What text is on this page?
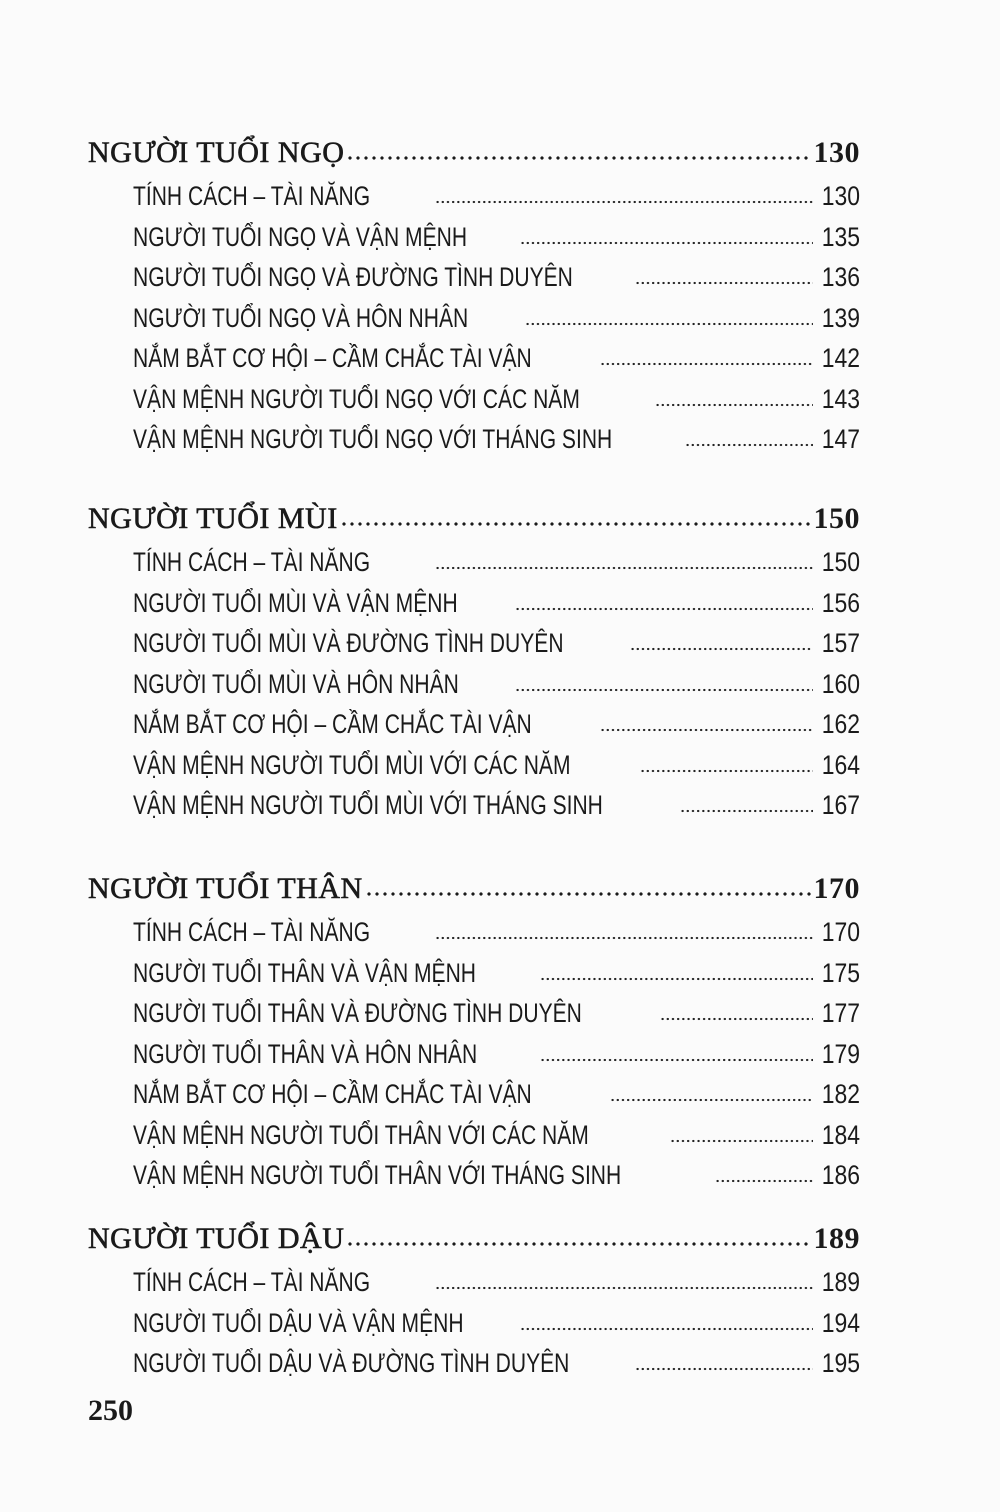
NGƯỜI TUỔI NGỌ	130
TÍNH CÁCH – TÀI NĂNG	130
NGƯỜI TUỔI NGỌ VÀ VẬN MỆNH	135
NGƯỜI TUỔI NGỌ VÀ ĐƯỜNG TÌNH DUYÊN	136
NGƯỜI TUỔI NGỌ VÀ HÔN NHÂN	139
NẮM BẮT CƠ HỘI – CẦM CHẮC TÀI VẬN	142
VẬN MỆNH NGƯỜI TUỔI NGỌ VỚI CÁC NĂM	143
VẬN MỆNH NGƯỜI TUỔI NGỌ VỚI THÁNG SINH	147
NGƯỜI TUỔI MÙI	150
TÍNH CÁCH – TÀI NĂNG	150
NGƯỜI TUỔI MÙI VÀ VẬN MỆNH	156
NGƯỜI TUỔI MÙI VÀ ĐƯỜNG TÌNH DUYÊN	157
NGƯỜI TUỔI MÙI VÀ HÔN NHÂN	160
NẮM BẮT CƠ HỘI – CẦM CHẮC TÀI VẬN	162
VẬN MỆNH NGƯỜI TUỔI MÙI VỚI CÁC NĂM	164
VẬN MỆNH NGƯỜI TUỔI MÙI VỚI THÁNG SINH	167
NGƯỜI TUỔI THÂN	170
TÍNH CÁCH – TÀI NĂNG	170
NGƯỜI TUỔI THÂN VÀ VẬN MỆNH	175
NGƯỜI TUỔI THÂN VÀ ĐƯỜNG TÌNH DUYÊN	177
NGƯỜI TUỔI THÂN VÀ HÔN NHÂN	179
NẮM BẮT CƠ HỘI – CẦM CHẮC TÀI VẬN	182
VẬN MỆNH NGƯỜI TUỔI THÂN VỚI CÁC NĂM	184
VẬN MỆNH NGƯỜI TUỔI THÂN VỚI THÁNG SINH	186
NGƯỜI TUỔI DẬU	189
TÍNH CÁCH – TÀI NĂNG	189
NGƯỜI TUỔI DẬU VÀ VẬN MỆNH	194
NGƯỜI TUỔI DẬU VÀ ĐƯỜNG TÌNH DUYÊN	195
250
